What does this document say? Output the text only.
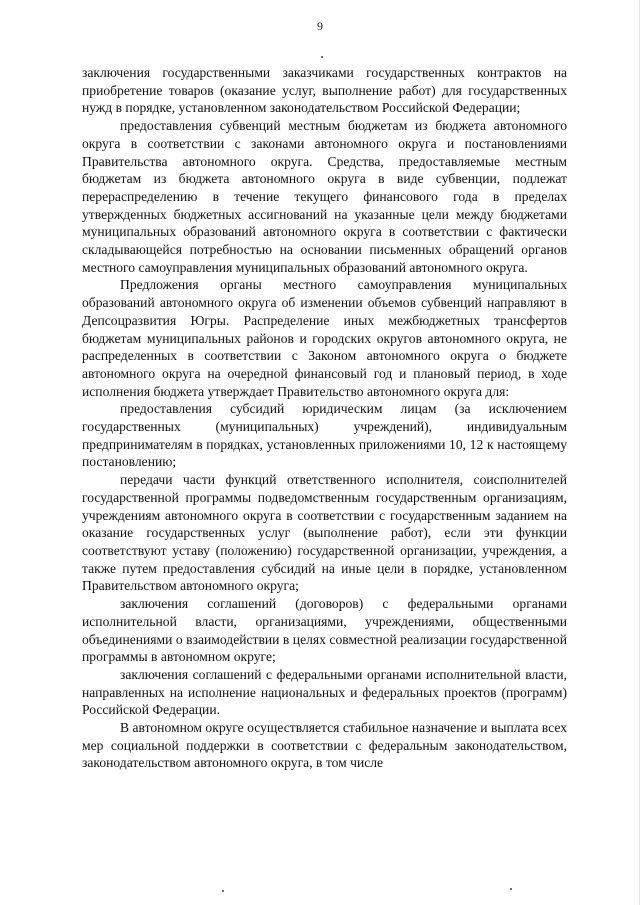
9

заключения государственными заказчиками государственных контрактов на приобретение товаров (оказание услуг, выполнение работ) для государственных нужд в порядке, установленном законодательством Российской Федерации;

предоставления субвенций местным бюджетам из бюджета автономного округа в соответствии с законами автономного округа и постановлениями Правительства автономного округа. Средства, предоставляемые местным бюджетам из бюджета автономного округа в виде субвенции, подлежат перераспределению в течение текущего финансового года в пределах утвержденных бюджетных ассигнований на указанные цели между бюджетами муниципальных образований автономного округа в соответствии с фактически складывающейся потребностью на основании письменных обращений органов местного самоуправления муниципальных образований автономного округа.

Предложения органы местного самоуправления муниципальных образований автономного округа об изменении объемов субвенций направляют в Депсоцразвития Югры. Распределение иных межбюджетных трансфертов бюджетам муниципальных районов и городских округов автономного округа, не распределенных в соответствии с Законом автономного округа о бюджете автономного округа на очередной финансовый год и плановый период, в ходе исполнения бюджета утверждает Правительство автономного округа для:

предоставления субсидий юридическим лицам (за исключением государственных (муниципальных) учреждений), индивидуальным предпринимателям в порядках, установленных приложениями 10, 12 к настоящему постановлению;

передачи части функций ответственного исполнителя, соисполнителей государственной программы подведомственным государственным организациям, учреждениям автономного округа в соответствии с государственным заданием на оказание государственных услуг (выполнение работ), если эти функции соответствуют уставу (положению) государственной организации, учреждения, а также путем предоставления субсидий на иные цели в порядке, установленном Правительством автономного округа;

заключения соглашений (договоров) с федеральными органами исполнительной власти, организациями, учреждениями, общественными объединениями о взаимодействии в целях совместной реализации государственной программы в автономном округе;

заключения соглашений с федеральными органами исполнительной власти, направленных на исполнение национальных и федеральных проектов (программ) Российской Федерации.

В автономном округе осуществляется стабильное назначение и выплата всех мер социальной поддержки в соответствии с федеральным законодательством, законодательством автономного округа, в том числе
